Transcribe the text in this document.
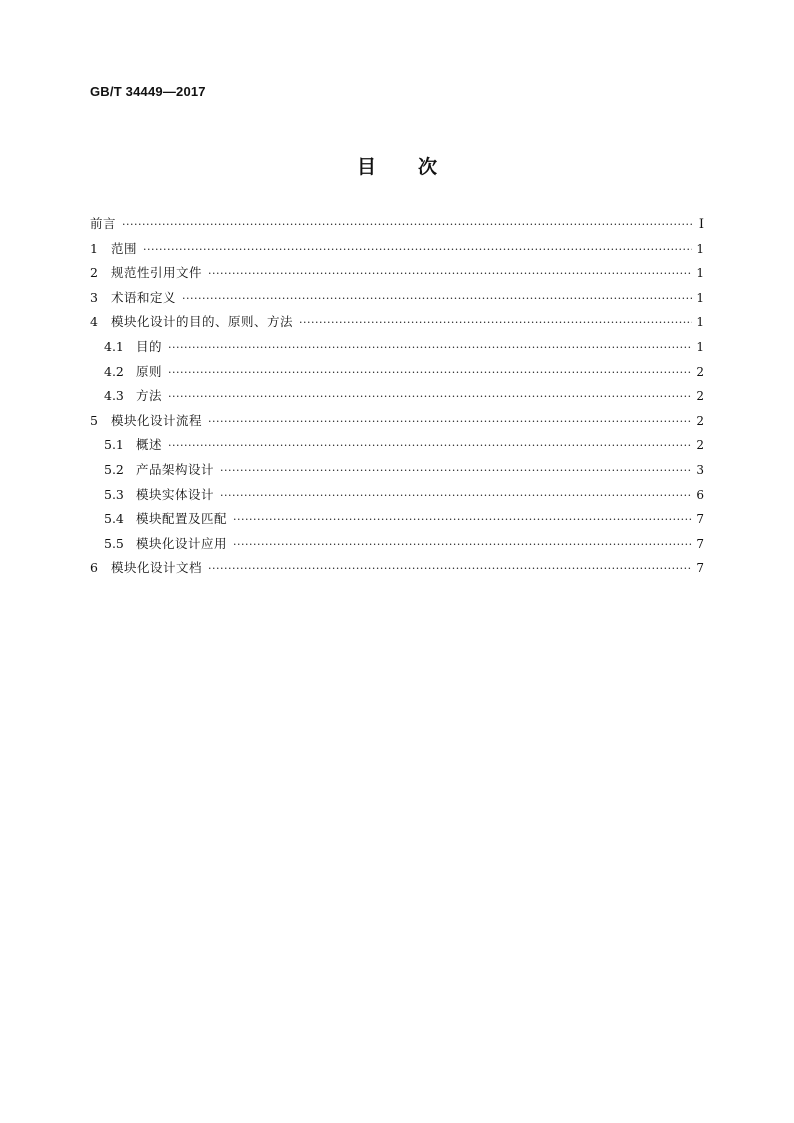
GB/T 34449—2017
目次
前言 ·····	I
1	范围 ·····	1
2	规范性引用文件 ·····	1
3	术语和定义 ·····	1
4	模块化设计的目的、原则、方法 ·····	1
4.1 目的 ·····	1
4.2 原则 ·····	2
4.3 方法 ·····	2
5	模块化设计流程 ·····	2
5.1 概述 ·····	2
5.2 产品架构设计 ·····	3
5.3 模块实体设计 ·····	6
5.4 模块配置及匹配 ·····	7
5.5 模块化设计应用 ·····	7
6	模块化设计文档 ·····	7
